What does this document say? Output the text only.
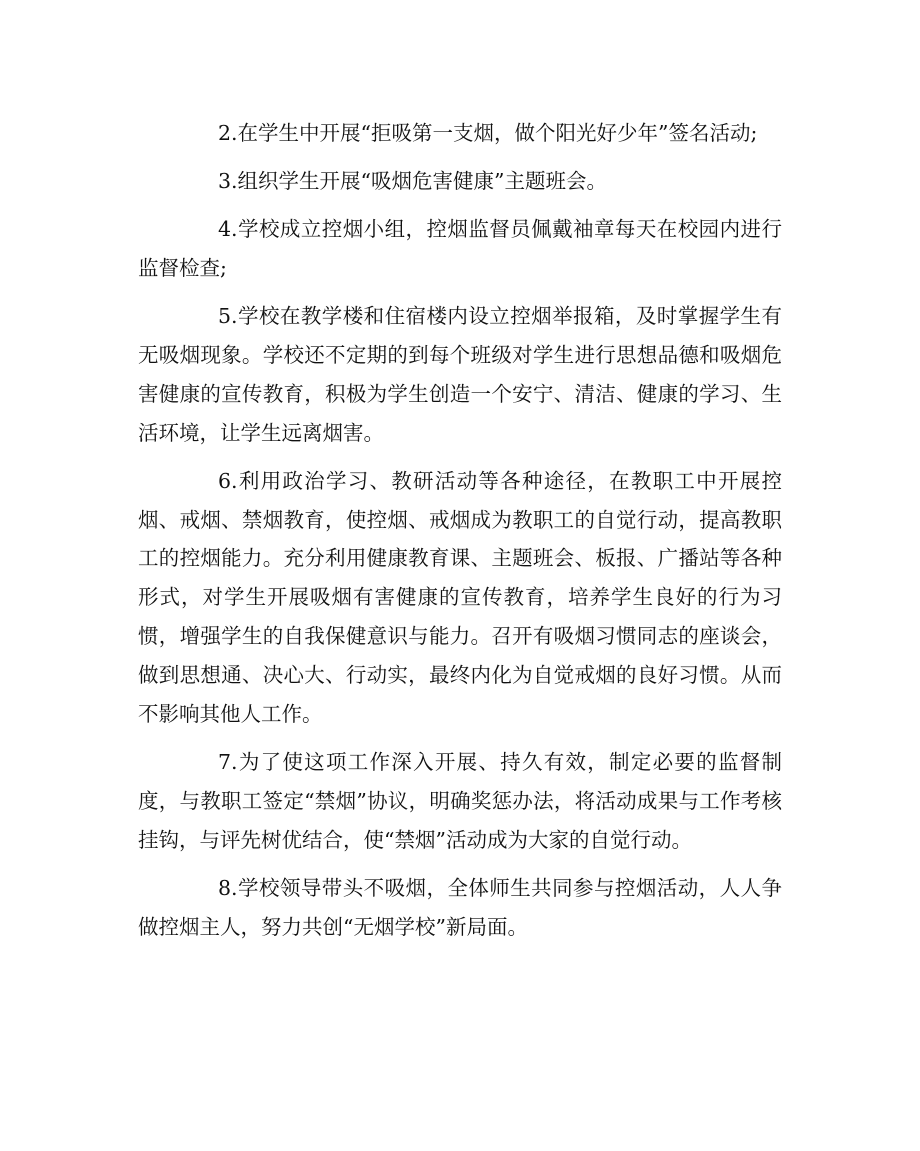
2.在学生中开展“拒吸第一支烟，做个阳光好少年”签名活动;

3.组织学生开展“吸烟危害健康”主题班会。

4.学校成立控烟小组，控烟监督员佩戴袖章每天在校园内进行监督检查;

5.学校在教学楼和住宿楼内设立控烟举报箱，及时掌握学生有无吸烟现象。学校还不定期的到每个班级对学生进行思想品德和吸烟危害健康的宣传教育，积极为学生创造一个安宁、清洁、健康的学习、生活环境，让学生远离烟害。

6.利用政治学习、教研活动等各种途径，在教职工中开展控烟、戒烟、禁烟教育，使控烟、戒烟成为教职工的自觉行动，提高教职工的控烟能力。充分利用健康教育课、主题班会、板报、广播站等各种形式，对学生开展吸烟有害健康的宣传教育，培养学生良好的行为习惯，增强学生的自我保健意识与能力。召开有吸烟习惯同志的座谈会，做到思想通、决心大、行动实，最终内化为自觉戒烟的良好习惯。从而不影响其他人工作。

7.为了使这项工作深入开展、持久有效，制定必要的监督制度，与教职工签定“禁烟”协议，明确奖惩办法，将活动成果与工作考核挂钩，与评先树优结合，使“禁烟”活动成为大家的自觉行动。

8.学校领导带头不吸烟，全体师生共同参与控烟活动，人人争做控烟主人，努力共创“无烟学校”新局面。
